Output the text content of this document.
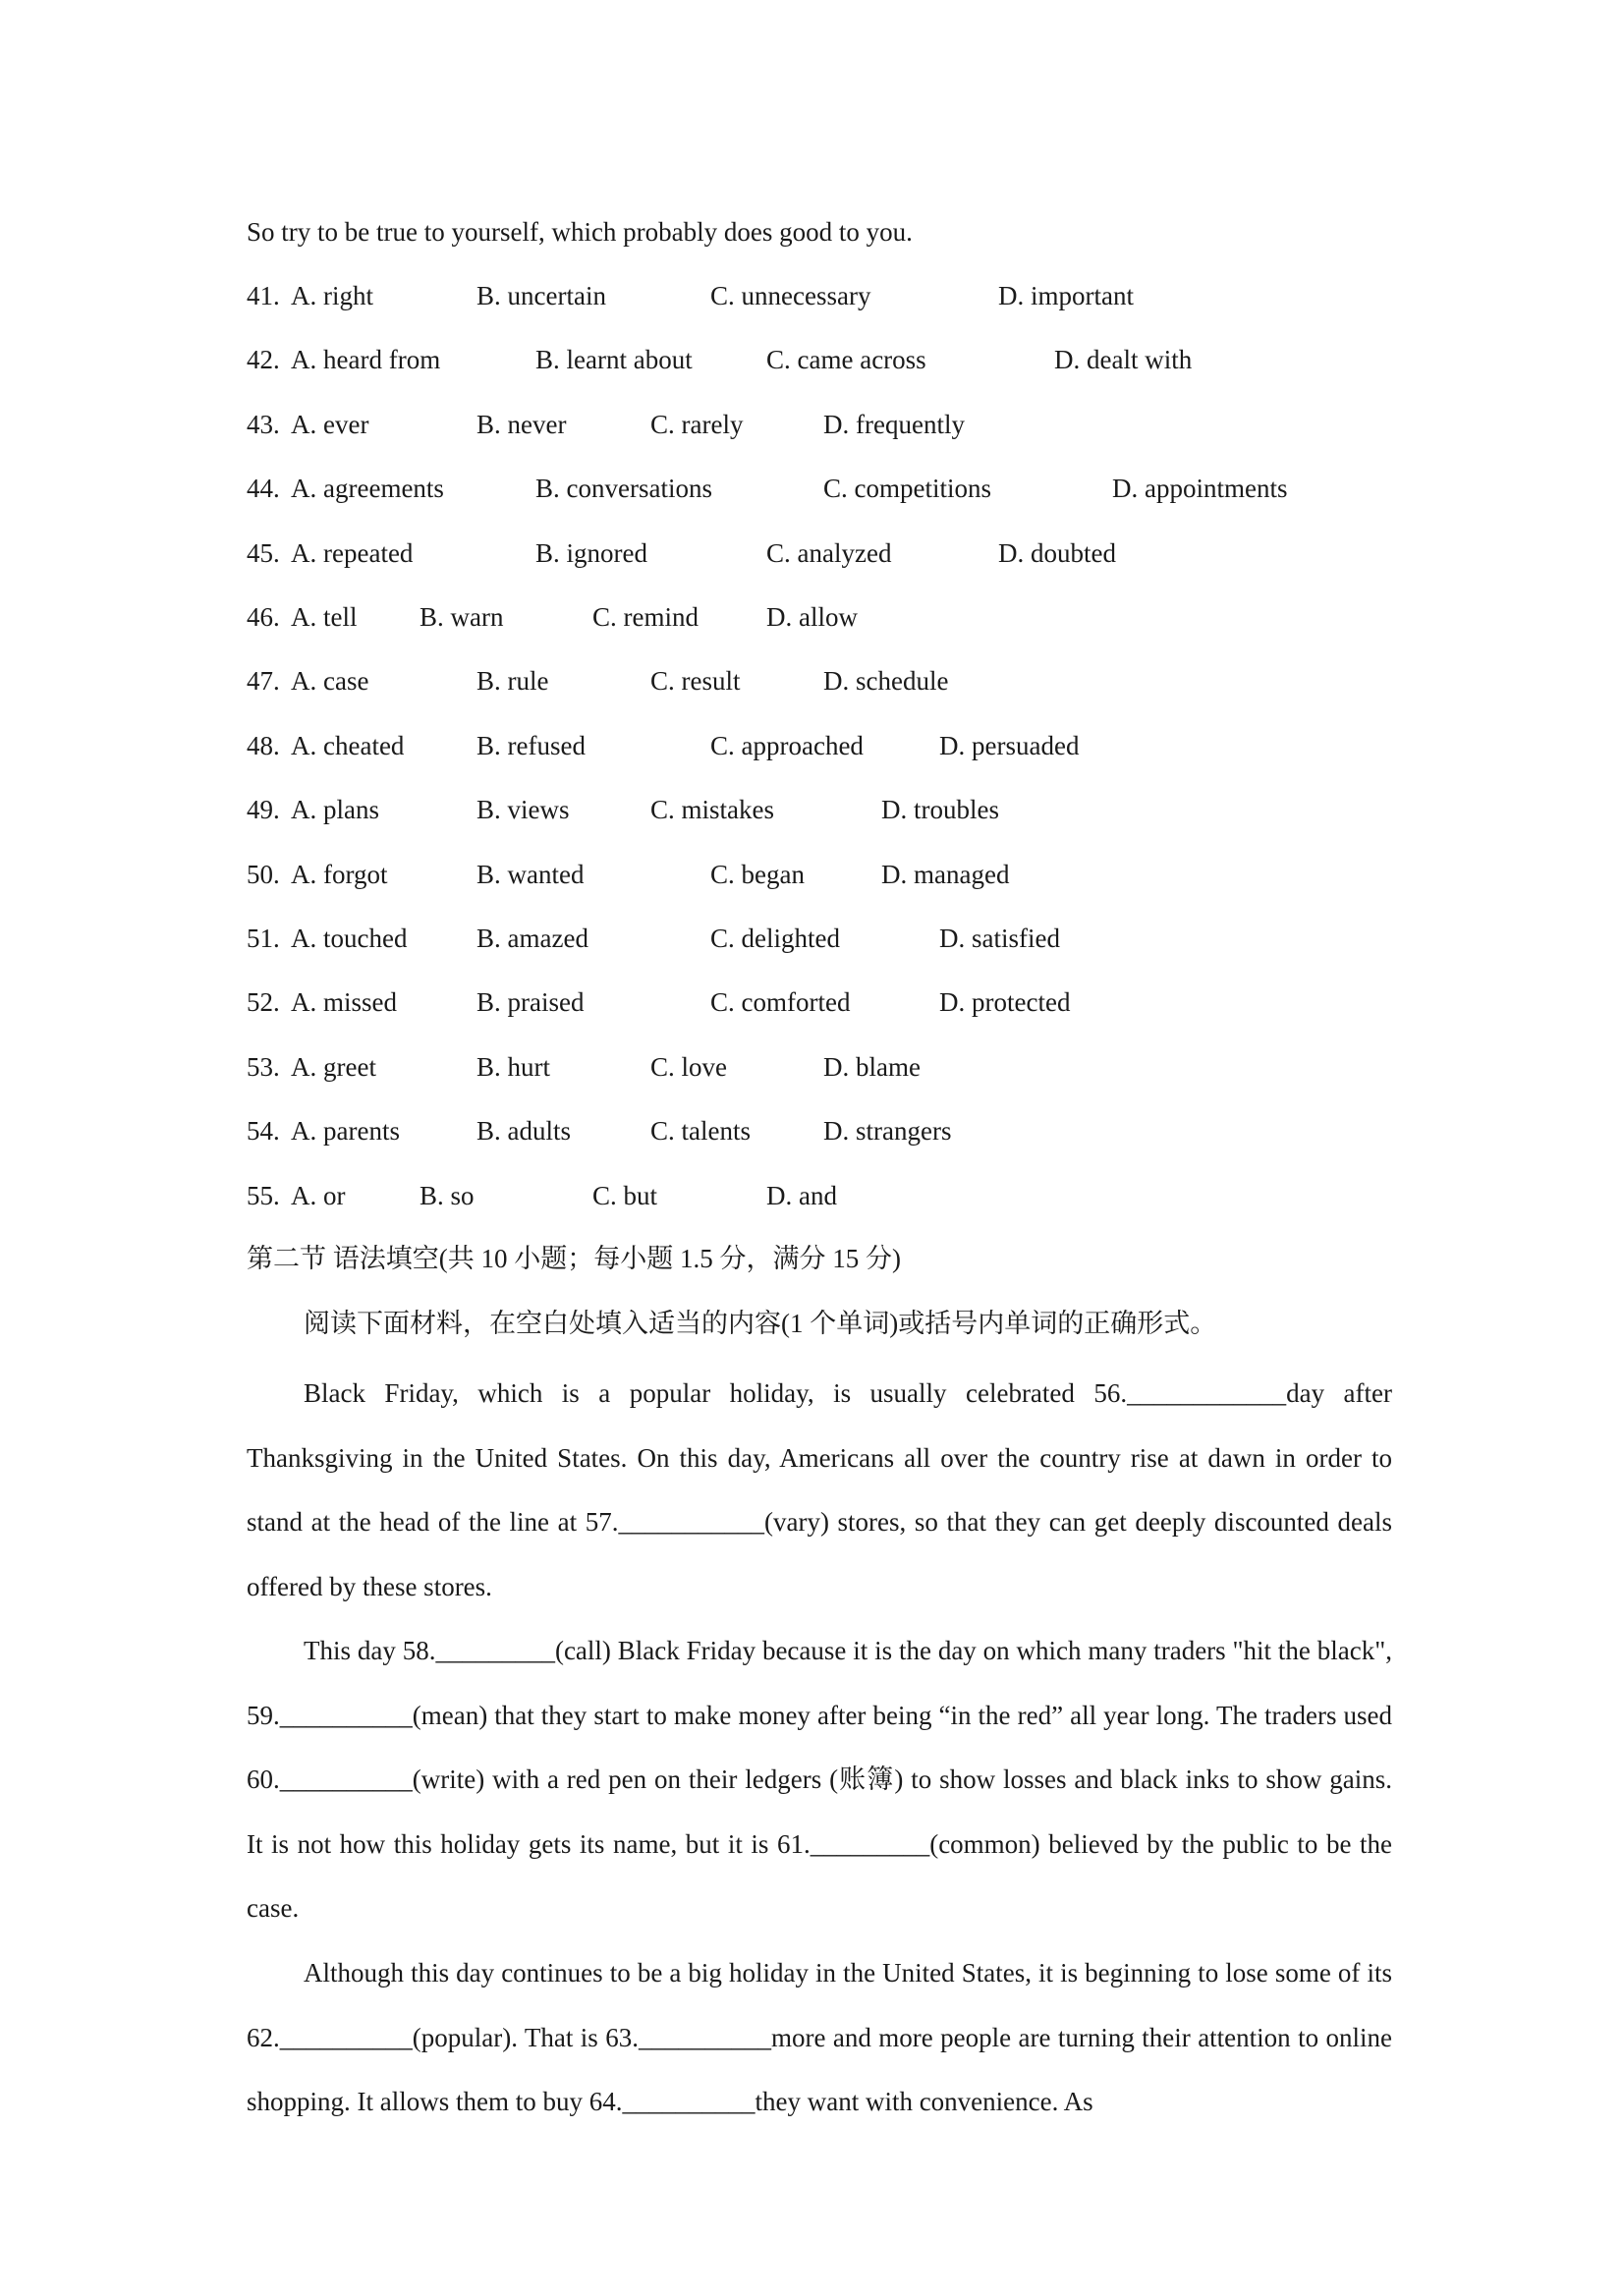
So try to be true to yourself, which probably does good to you.
41. A. right	B. uncertain	C. unnecessary	D. important
42. A. heard from	B. learnt about	C. came across	D. dealt with
43. A. ever	B. never	C. rarely	D. frequently
44. A. agreements	B. conversations	C. competitions	D. appointments
45. A. repeated	B. ignored	C. analyzed	D. doubted
46. A. tell B. warn	C. remind	D. allow
47. A. case	B. rule	C. result	D. schedule
48. A. cheated	B. refused	C. approached	D. persuaded
49. A. plans	B. views	C. mistakes	D. troubles
50. A. forgot	B. wanted	C. began	D. managed
51. A. touched	B. amazed	C. delighted	D. satisfied
52. A. missed	B. praised	C. comforted	D. protected
53. A. greet	B. hurt	C. love	D. blame
54. A. parents	B. adults	C. talents	D. strangers
55. A. or	B. so	C. but	D. and
第二节 语法填空(共 10 小题；每小题 1.5 分，满分 15 分)
阅读下面材料，在空白处填入适当的内容(1 个单词)或括号内单词的正确形式。

Black Friday, which is a popular holiday, is usually celebrated 56.____________day after Thanksgiving in the United States. On this day, Americans all over the country rise at dawn in order to stand at the head of the line at 57.___________(vary) stores, so that they can get deeply discounted deals offered by these stores.

This day 58._________(call) Black Friday because it is the day on which many traders "hit the black", 59.__________(mean) that they start to make money after being “in the red” all year long. The traders used 60.__________(write) with a red pen on their ledgers (账簿) to show losses and black inks to show gains. It is not how this holiday gets its name, but it is 61._________(common) believed by the public to be the case.

Although this day continues to be a big holiday in the United States, it is beginning to lose some of its 62.__________(popular). That is 63.__________more and more people are turning their attention to online shopping. It allows them to buy 64.__________they want with convenience. As
